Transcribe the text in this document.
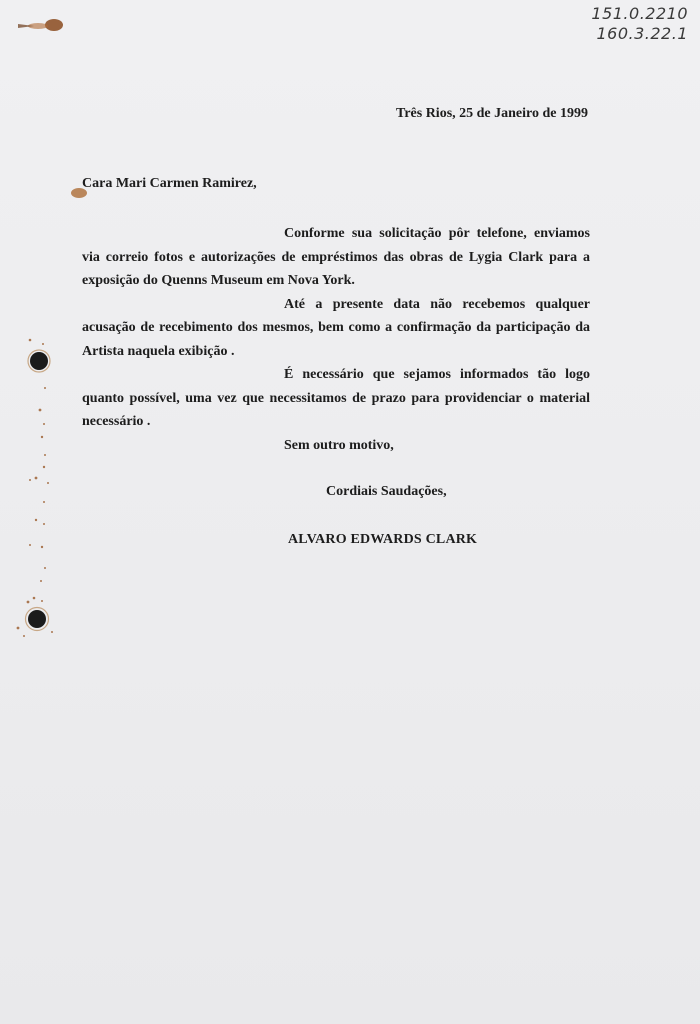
151.0.2210
160.3.22.1
Três Rios, 25 de Janeiro de 1999
Cara Mari Carmen Ramirez,

Conforme sua solicitação pôr telefone, enviamos via correio fotos e autorizações de empréstimos das obras de Lygia Clark para a exposição do Quenns Museum em Nova York.

Até a presente data não recebemos qualquer acusação de recebimento dos mesmos, bem como a confirmação da participação da Artista naquela exibição .

É necessário que sejamos informados tão logo quanto possível, uma vez que necessitamos de prazo para providenciar o material necessário .

Sem outro motivo,
Cordiais Saudações,
ALVARO EDWARDS CLARK
